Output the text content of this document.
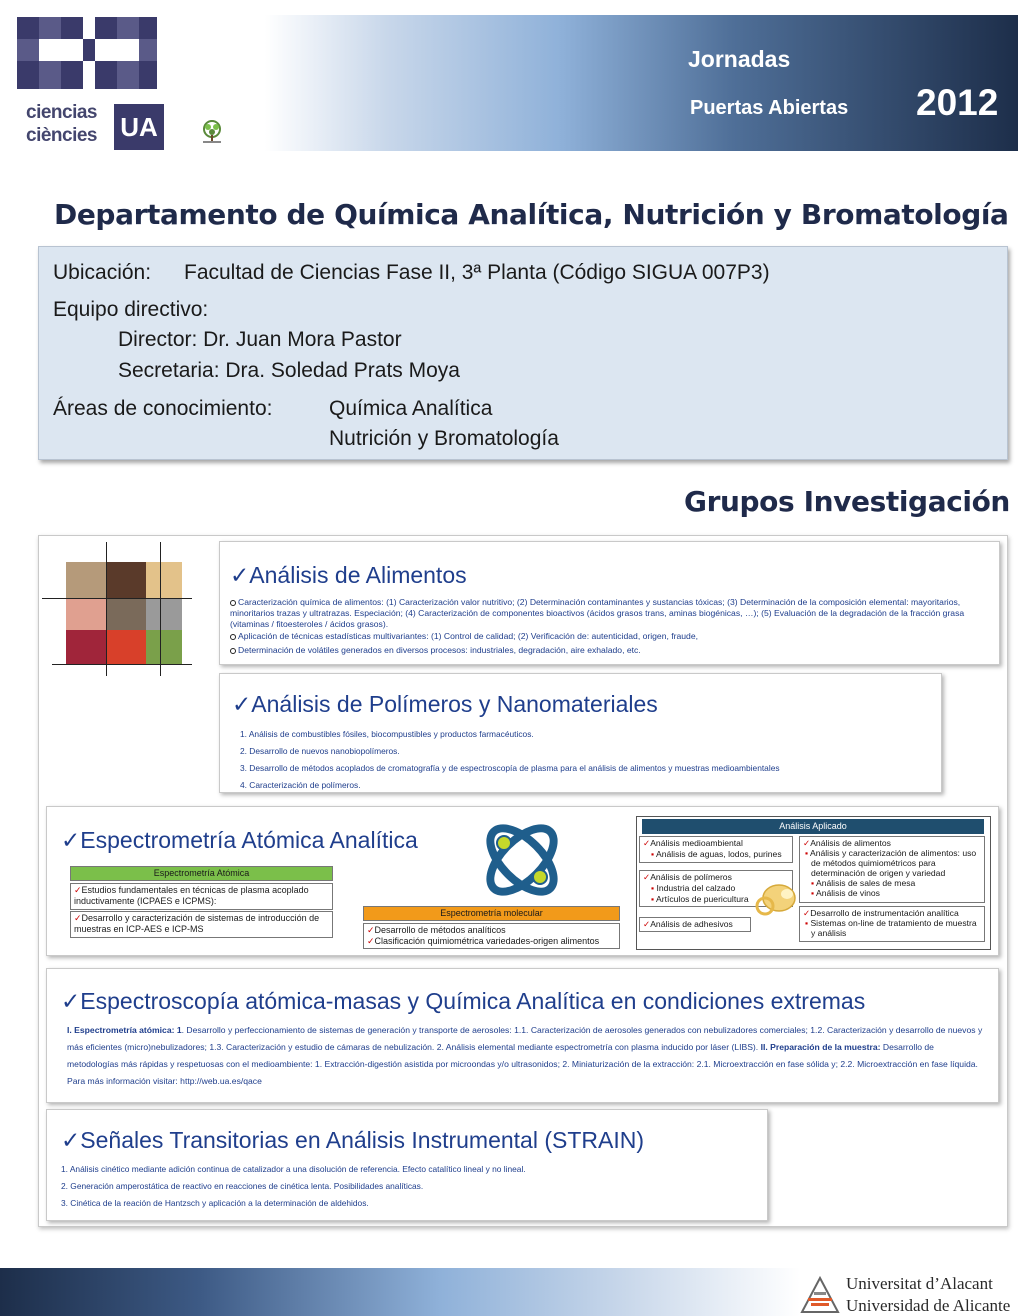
ciencias
ciències UA
Jornadas
Puertas Abiertas 2012
Departamento de Química Analítica, Nutrición y Bromatología
Ubicación: Facultad de Ciencias Fase II, 3ª Planta (Código SIGUA 007P3)
Equipo directivo:
Director: Dr. Juan Mora Pastor
Secretaria: Dra. Soledad Prats Moya
Áreas de conocimiento:	Química Analítica
Nutrición y Bromatología
Grupos Investigación
✓Análisis de Alimentos
Caracterización química de alimentos: (1) Caracterización valor nutritivo; (2) Determinación contaminantes y sustancias tóxicas; (3) Determinación de la composición elemental: mayoritarios, minoritarios trazas y ultratrazas. Especiación; (4) Caracterización de componentes bioactivos (ácidos grasos trans, aminas biogénicas, …); (5) Evaluación de la degradación de la fracción grasa (vitaminas / fitoesteroles / ácidos grasos).
Aplicación de técnicas estadísticas multivariantes: (1) Control de calidad; (2) Verificación de: autenticidad, origen, fraude,
Determinación de volátiles generados en diversos procesos: industriales, degradación, aire exhalado, etc.
✓Análisis de Polímeros y Nanomateriales
1. Análisis de combustibles fósiles, biocompustibles y productos farmacéuticos.
2. Desarrollo de nuevos nanobiopolímeros.
3. Desarrollo de métodos acoplados de cromatografía y de espectroscopía de plasma para el análisis de alimentos y muestras medioambientales
4. Caracterización de polímeros.
✓Espectrometría Atómica Analítica
Espectrometría Atómica
✓Estudios fundamentales en técnicas de plasma acoplado inductivamente (ICPAES e ICPMS):
✓Desarrollo y caracterización de sistemas de introducción de muestras en ICP-AES e ICP-MS
Espectrometría molecular
✓Desarrollo de métodos analíticos
✓Clasificación quimiométrica variedades-origen alimentos
Análisis Aplicado
✓Análisis medioambiental
▪ Análisis de aguas, lodos, purines
✓Análisis de polímeros
▪ Industria del calzado
▪ Artículos de puericultura
✓Análisis de adhesivos
✓Análisis de alimentos
▪ Análisis y caracterización de alimentos: uso de métodos quimiométricos para determinación de origen y variedad
▪ Análisis de sales de mesa
▪ Análisis de vinos
✓Desarrollo de instrumentación analítica
▪ Sistemas on-line de tratamiento de muestra y análisis
✓Espectroscopía atómica-masas y Química Analítica en condiciones extremas
I. Espectrometría atómica: 1. Desarrollo y perfeccionamiento de sistemas de generación y transporte de aerosoles: 1.1. Caracterización de aerosoles generados con nebulizadores comerciales; 1.2. Caracterización y desarrollo de nuevos y más eficientes (micro)nebulizadores; 1.3. Caracterización y estudio de cámaras de nebulización. 2. Análisis elemental mediante espectrometría con plasma inducido por láser (LIBS). II. Preparación de la muestra: Desarrollo de metodologías más rápidas y respetuosas con el medioambiente: 1. Extracción-digestión asistida por microondas y/o ultrasonidos; 2. Miniaturización de la extracción: 2.1. Microextracción en fase sólida y; 2.2. Microextracción en fase líquida. Para más información visitar: http://web.ua.es/qace
✓Señales Transitorias en Análisis Instrumental (STRAIN)
1. Análisis cinético mediante adición continua de catalizador a una disolución de referencia. Efecto catalítico lineal y no lineal.
2. Generación amperostática de reactivo en reacciones de cinética lenta. Posibilidades analíticas.
3. Cinética de la reación de Hantzsch y aplicación a la determinación de aldehidos.
Universitat d’Alacant
Universidad de Alicante
